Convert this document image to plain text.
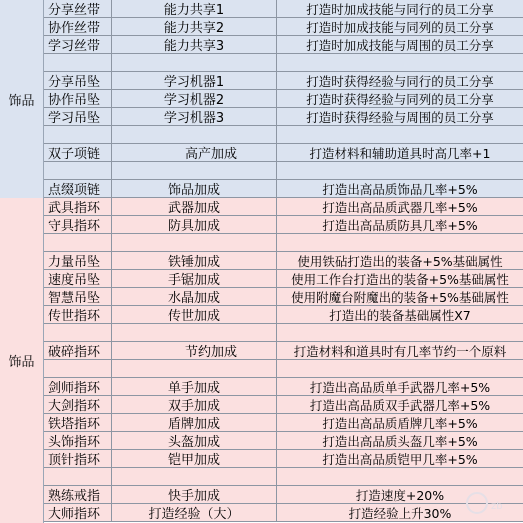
饰品
饰品
分享丝带	能力共享1	打造时加成技能与同行的员工分享
协作丝带	能力共享2	打造时加成技能与同列的员工分享
学习丝带	能力共享3	打造时加成技能与周围的员工分享
分享吊坠	学习机器1	打造时获得经验与同行的员工分享
协作吊坠	学习机器2	打造时获得经验与同列的员工分享
学习吊坠	学习机器3	打造时获得经验与周围的员工分享
双子项链	高产加成	打造材料和辅助道具时高几率+1
点缀项链	饰品加成	打造出高品质饰品几率+5%
武具指环	武器加成	打造出高品质武器几率+5%
守具指环	防具加成	打造出高品质防具几率+5%
力量吊坠	铁锤加成	使用铁砧打造出的装备+5%基础属性
速度吊坠	手锯加成	使用工作台打造出的装备+5%基础属性
智慧吊坠	水晶加成	使用附魔台附魔出的装备+5%基础属性
传世指环	传世加成	打造出的装备基础属性X7
破碎指环	节约加成	打造材料和道具时有几率节约一个原料
剑师指环	单手加成	打造出高品质单手武器几率+5%
大剑指环	双手加成	打造出高品质双手武器几率+5%
铁塔指环	盾牌加成	打造出高品质盾牌几率+5%
头饰指环	头盔加成	打造出高品质头盔几率+5%
顶针指环	铠甲加成	打造出高品质铠甲几率+5%
熟练戒指	快手加成	打造速度+20%
大师指环	打造经验（大）	打造经验上升30%	zb
